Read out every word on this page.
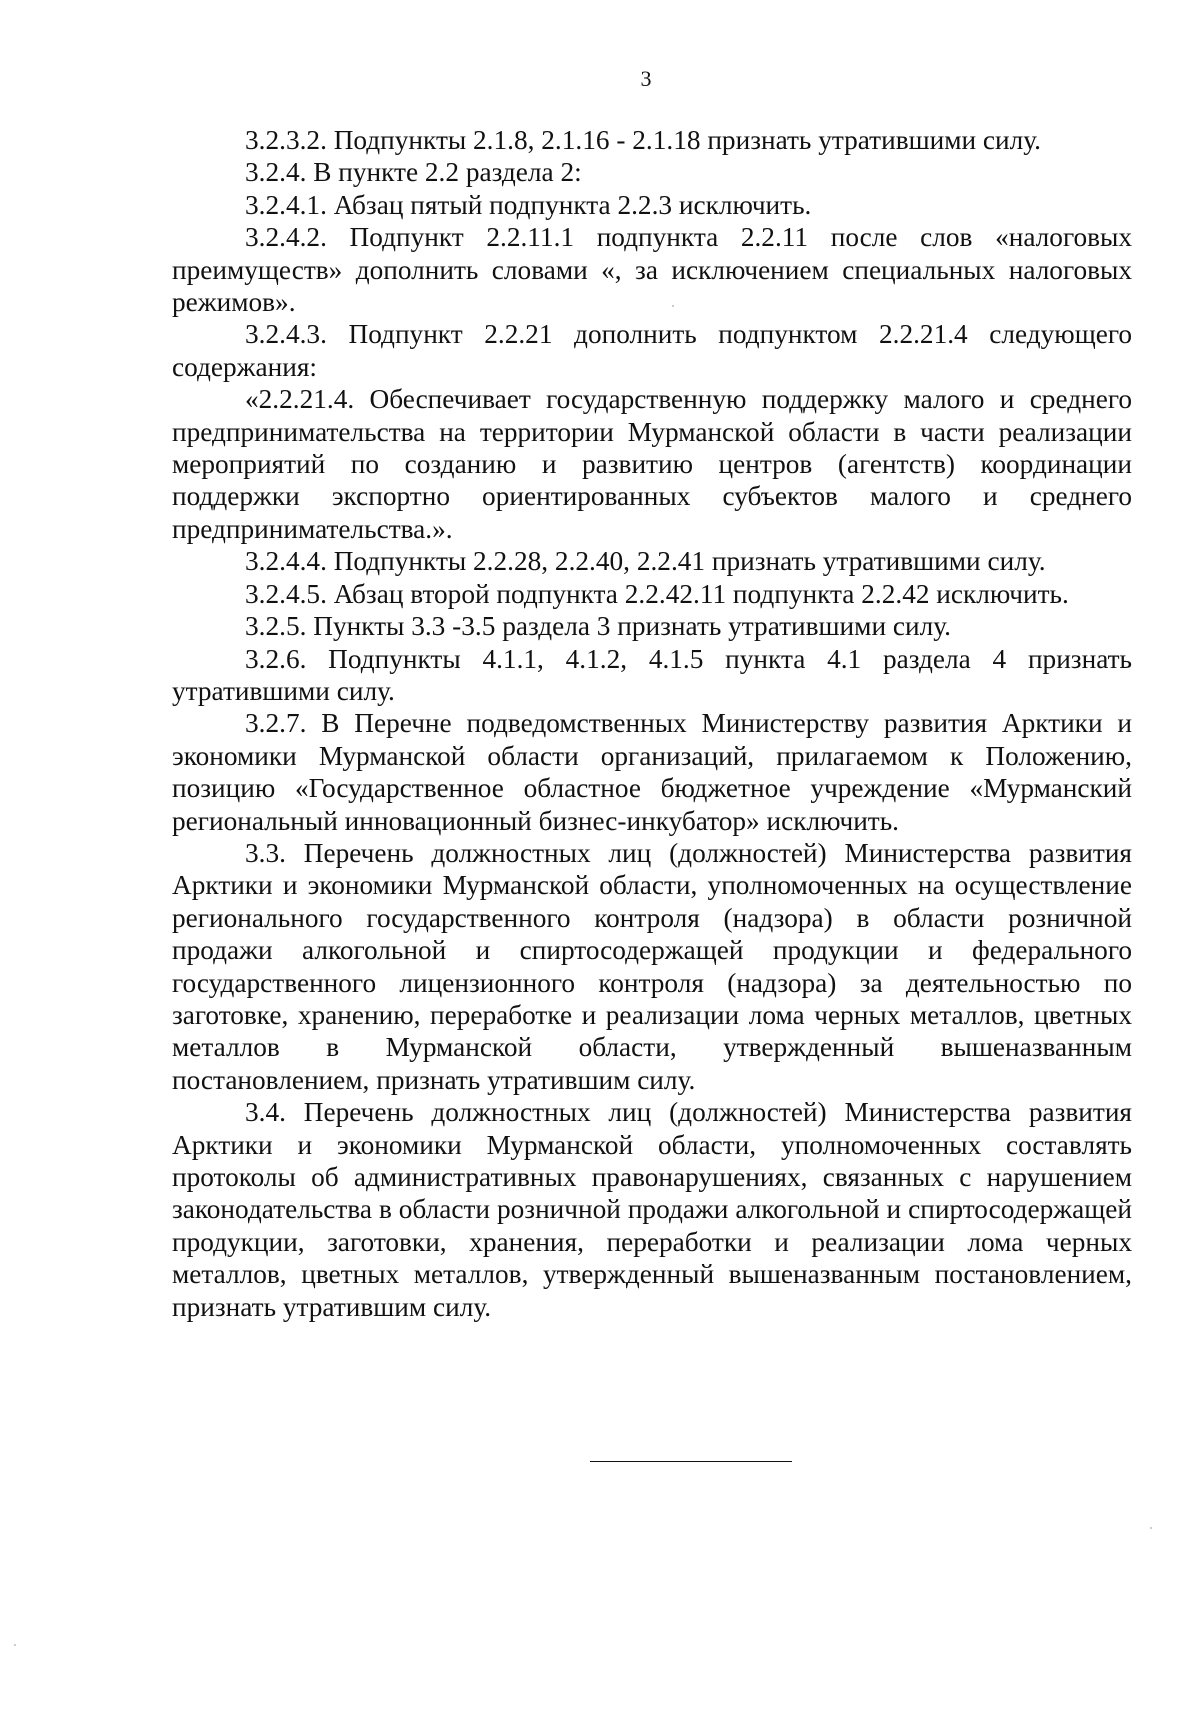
3

3.2.3.2. Подпункты 2.1.8, 2.1.16 - 2.1.18 признать утратившими силу.

3.2.4. В пункте 2.2 раздела 2:

3.2.4.1. Абзац пятый подпункта 2.2.3 исключить.

3.2.4.2. Подпункт 2.2.11.1 подпункта 2.2.11 после слов «налоговых преимуществ» дополнить словами «, за исключением специальных налоговых режимов».

3.2.4.3. Подпункт 2.2.21 дополнить подпунктом 2.2.21.4 следующего содержания:

«2.2.21.4. Обеспечивает государственную поддержку малого и среднего предпринимательства на территории Мурманской области в части реализации мероприятий по созданию и развитию центров (агентств) координации поддержки экспортно ориентированных субъектов малого и среднего предпринимательства.».

3.2.4.4. Подпункты 2.2.28, 2.2.40, 2.2.41 признать утратившими силу.

3.2.4.5. Абзац второй подпункта 2.2.42.11 подпункта 2.2.42 исключить.

3.2.5. Пункты 3.3 -3.5 раздела 3 признать утратившими силу.

3.2.6. Подпункты 4.1.1, 4.1.2, 4.1.5 пункта 4.1 раздела 4 признать утратившими силу.

3.2.7. В Перечне подведомственных Министерству развития Арктики и экономики Мурманской области организаций, прилагаемом к Положению, позицию «Государственное областное бюджетное учреждение «Мурманский региональный инновационный бизнес-инкубатор» исключить.

3.3. Перечень должностных лиц (должностей) Министерства развития Арктики и экономики Мурманской области, уполномоченных на осуществление регионального государственного контроля (надзора) в области розничной продажи алкогольной и спиртосодержащей продукции и федерального государственного лицензионного контроля (надзора) за деятельностью по заготовке, хранению, переработке и реализации лома черных металлов, цветных металлов в Мурманской области, утвержденный вышеназванным постановлением, признать утратившим силу.

3.4. Перечень должностных лиц (должностей) Министерства развития Арктики и экономики Мурманской области, уполномоченных составлять протоколы об административных правонарушениях, связанных с нарушением законодательства в области розничной продажи алкогольной и спиртосодержащей продукции, заготовки, хранения, переработки и реализации лома черных металлов, цветных металлов, утвержденный вышеназванным постановлением, признать утратившим силу.
